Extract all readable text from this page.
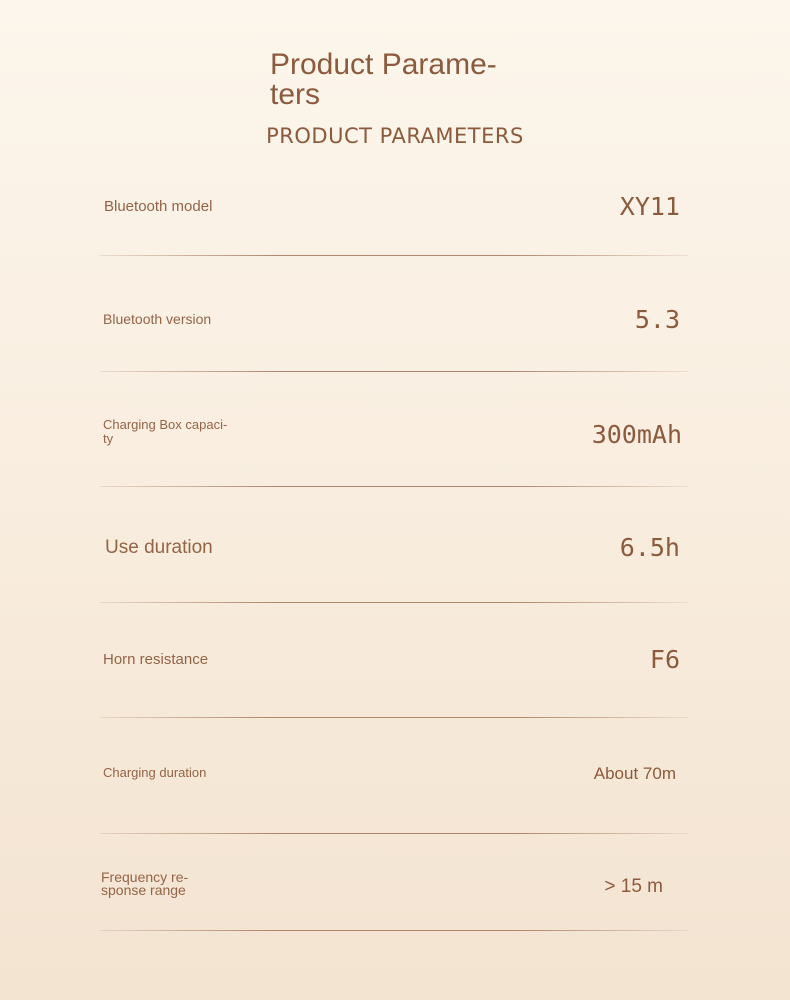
Product Parame-
ters
PRODUCT PARAMETERS
Bluetooth model	XY11
Bluetooth version	5.3
Charging Box capaci-
ty	300mAh
Use duration	6.5h
Horn resistance	F6
Charging duration	About 70m
Frequency re-
sponse range	> 15 m
